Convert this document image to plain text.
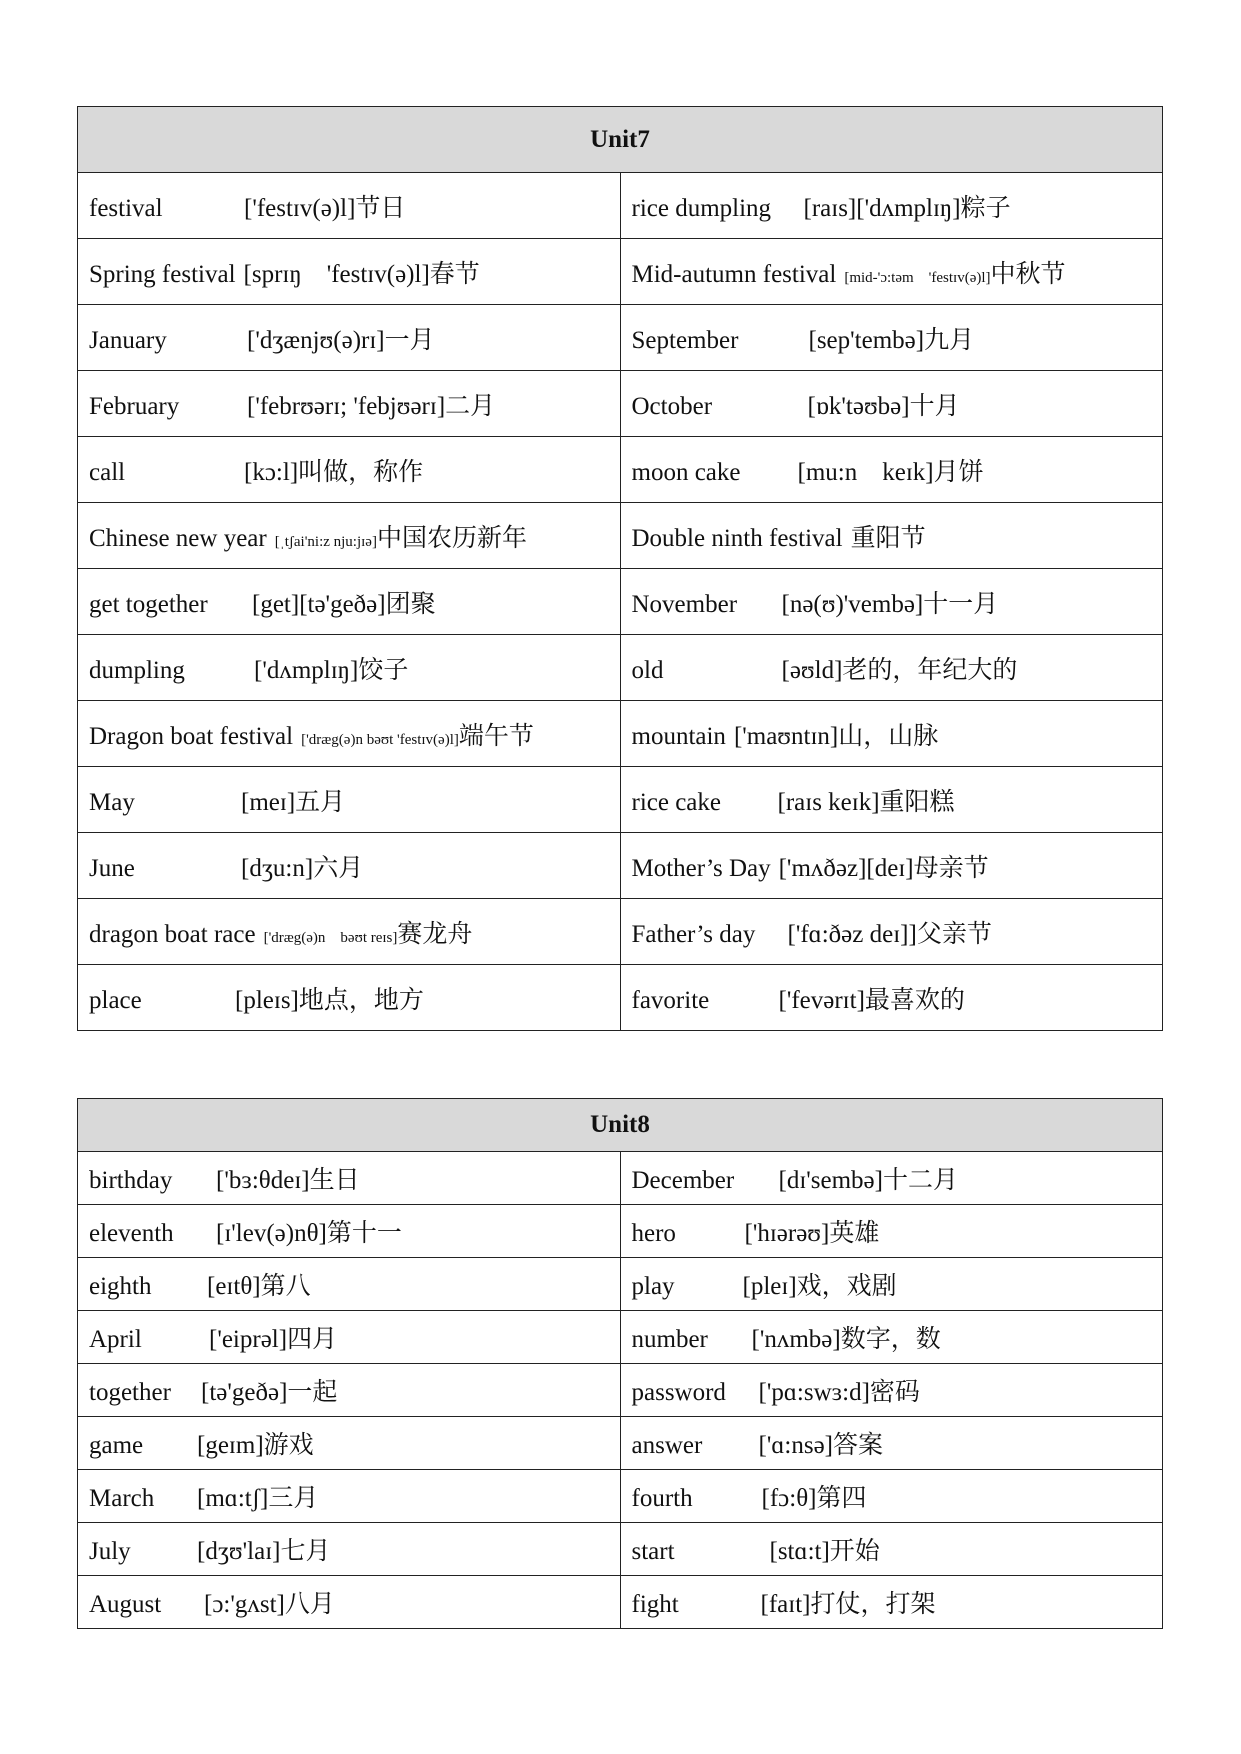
Unit7	
festival ['festɪv(ə)l]节日	rice dumpling [raɪs]['dʌmplɪŋ]粽子
Spring festival [sprɪŋ    'festɪv(ə)l]春节	Mid-autumn festival [mid-'ɔ:təm    'festɪv(ə)l]中秋节
January ['dʒænjʊ(ə)rɪ]一月	September [sep'tembə]九月
February ['febrʊərɪ; 'febjʊərɪ]二月	October [ɒk'təʊbə]十月
call [kɔ:l]叫做，称作	moon cake [mu:n    keɪk]月饼
Chinese new year [ˌtʃai'ni:z nju:jɪə]中国农历新年	Double ninth festival 重阳节
get together [get][tə'geðə]团聚	November [nə(ʊ)'vembə]十一月
dumpling ['dʌmplɪŋ]饺子	old [əʊld]老的，年纪大的
Dragon boat festival ['dræg(ə)n bəʊt 'festɪv(ə)l]端午节	mountain ['maʊntɪn]山，山脉
May [meɪ]五月	rice cake [raɪs keɪk]重阳糕
June [dʒu:n]六月	Mother’s Day ['mʌðəz][deɪ]母亲节
dragon boat race ['dræg(ə)n    bəʊt reɪs]赛龙舟	Father’s day ['fɑ:ðəz deɪ]]父亲节
place [pleɪs]地点，地方	favorite ['fevərɪt]最喜欢的
Unit8	
birthday ['bɜ:θdeɪ]生日	December [dɪ'sembə]十二月
eleventh [ɪ'lev(ə)nθ]第十一	hero ['hɪərəʊ]英雄
eighth [eɪtθ]第八	play [pleɪ]戏，戏剧
April ['eiprəl]四月	number ['nʌmbə]数字，数
together [tə'geðə]一起	password ['pɑ:swɜ:d]密码
game [geɪm]游戏	answer ['ɑ:nsə]答案
March [mɑ:tʃ]三月	fourth [fɔ:θ]第四
July [dʒʊ'laɪ]七月	start [stɑ:t]开始
August [ɔ:'gʌst]八月	fight [faɪt]打仗，打架
